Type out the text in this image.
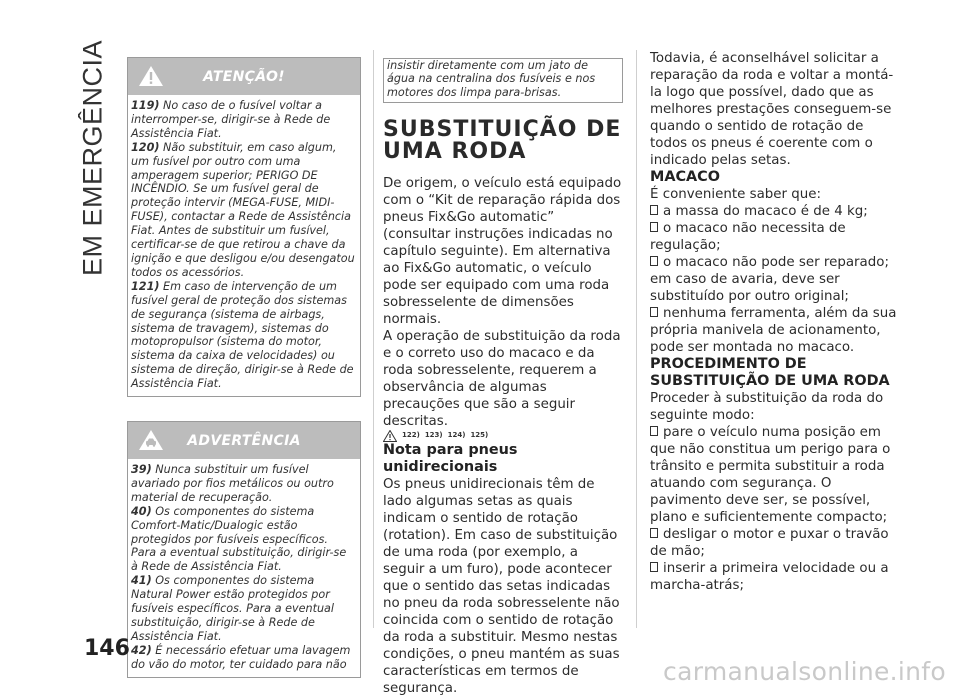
EM EMERGÊNCIA	ATENÇÃO!

119) No caso de o fusível voltar a interromper-se, dirigir-se à Rede de Assistência Fiat.

120) Não substituir, em caso algum, um fusível por outro com uma amperagem superior; PERIGO DE INCÊNDIO. Se um fusível geral de proteção intervir (MEGA-FUSE, MIDI-FUSE), contactar a Rede de Assistência Fiat. Antes de substituir um fusível, certificar-se de que retirou a chave da ignição e que desligou e/ou desengatou todos os acessórios.

121) Em caso de intervenção de um fusível geral de proteção dos sistemas de segurança (sistema de airbags, sistema de travagem), sistemas do motopropulsor (sistema do motor, sistema da caixa de velocidades) ou sistema de direção, dirigir-se à Rede de Assistência Fiat.

ADVERTÊNCIA

39) Nunca substituir um fusível avariado por fios metálicos ou outro material de recuperação.

40) Os componentes do sistema Comfort-Matic/Dualogic estão protegidos por fusíveis específicos. Para a eventual substituição, dirigir-se à Rede de Assistência Fiat.

41) Os componentes do sistema Natural Power estão protegidos por fusíveis específicos. Para a eventual substituição, dirigir-se à Rede de Assistência Fiat.

42) É necessário efetuar uma lavagem do vão do motor, ter cuidado para não

insistir diretamente com um jato de água na centralina dos fusíveis e nos motores dos limpa para-brisas.

SUBSTITUIÇÃO DE
UMA RODA

De origem, o veículo está equipado com o “Kit de reparação rápida dos pneus Fix&Go automatic” (consultar instruções indicadas no capítulo seguinte). Em alternativa ao Fix&Go automatic, o veículo pode ser equipado com uma roda sobresselente de dimensões normais.

A operação de substituição da roda e o correto uso do macaco e da roda sobresselente, requerem a observância de algumas precauções que são a seguir descritas.

122) 123) 124) 125)
Nota para pneus unidirecionais

Os pneus unidirecionais têm de lado algumas setas as quais indicam o sentido de rotação (rotation). Em caso de substituição de uma roda (por exemplo, a seguir a um furo), pode acontecer que o sentido das setas indicadas no pneu da roda sobresselente não coincida com o sentido de rotação da roda a substituir. Mesmo nestas condições, o pneu mantém as suas características em termos de segurança.

Todavia, é aconselhável solicitar a reparação da roda e voltar a montá-la logo que possível, dado que as melhores prestações conseguem-se quando o sentido de rotação de todos os pneus é coerente com o indicado pelas setas.

MACACO

É conveniente saber que:

a massa do macaco é de 4 kg;
o macaco não necessita de regulação;
o macaco não pode ser reparado; em caso de avaria, deve ser substituído por outro original;
nenhuma ferramenta, além da sua própria manivela de acionamento, pode ser montada no macaco.
PROCEDIMENTO DE
SUBSTITUIÇÃO DE UMA RODA

Proceder à substituição da roda do seguinte modo:

pare o veículo numa posição em que não constitua um perigo para o trânsito e permita substituir a roda atuando com segurança. O pavimento deve ser, se possível, plano e suficientemente compacto;
desligar o motor e puxar o travão de mão;
inserir a primeira velocidade ou a marcha-atrás;
146
carmanualsonline.info
